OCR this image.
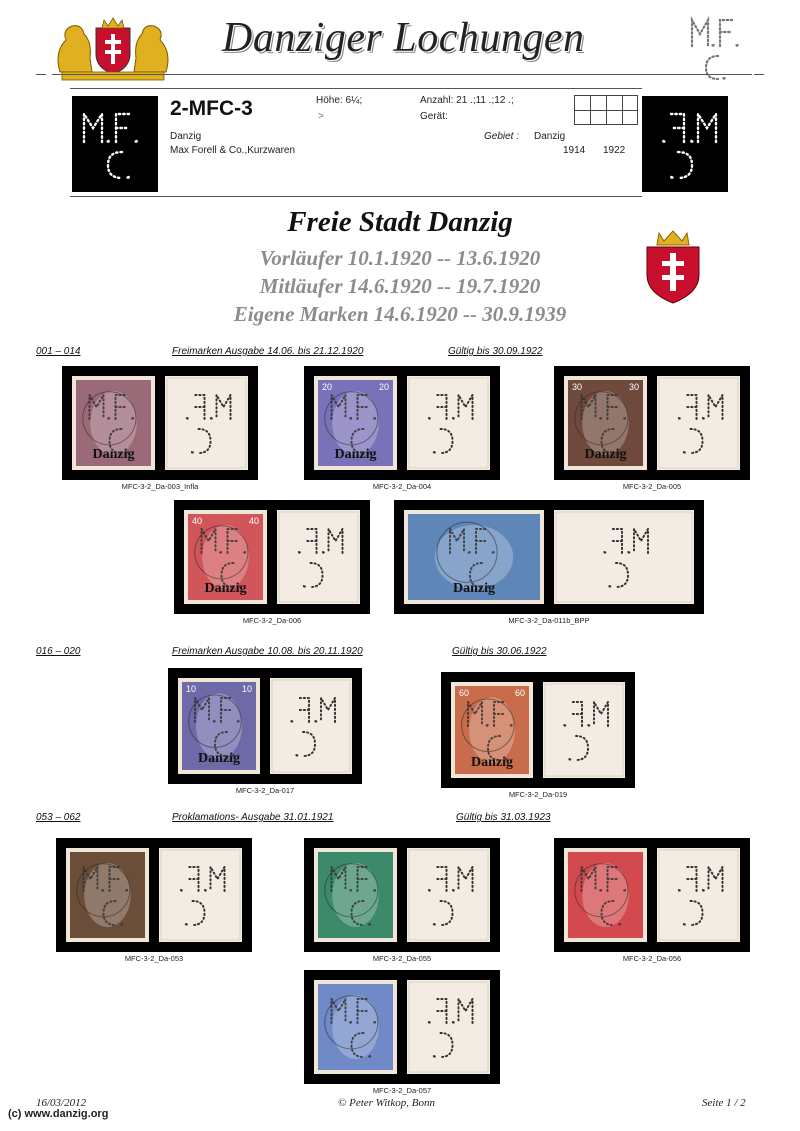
Danziger Lochungen
2-MFC-3	Höhe: 6¼;	Anzahl: 21 .;11 .;12 .;
>	Gerät:
Danzig
Max Forell & Co.,Kurzwaren
Gebiet : Danzig
1914 1922
Freie Stadt Danzig
Vorläufer 10.1.1920 -- 13.6.1920
Mitläufer 14.6.1920 -- 19.7.1920
Eigene Marken 14.6.1920 -- 30.9.1939
001 – 014	Freimarken Ausgabe 14.06. bis 21.12.1920	Gültig bis 30.09.1922
016 – 020	Freimarken Ausgabe 10.08. bis 20.11.1920	Gültig bis 30.06.1922
053 – 062	Proklamations- Ausgabe 31.01.1921	Gültig bis 31.03.1923
Danzig
MFC-3-2_Da-003_Infla
20
20
Danzig
MFC-3-2_Da-004
30
30
Danzig
MFC-3-2_Da-005
40
40
Danzig
MFC-3-2_Da-006
Danzig
MFC-3-2_Da-011b_BPP
10
10
Danzig
MFC-3-2_Da-017
60
60
Danzig
MFC-3-2_Da-019
MFC-3-2_Da-053	MFC-3-2_Da-055	MFC-3-2_Da-056
MFC-3-2_Da-057
16/03/2012	© Peter Witkop, Bonn	Seite 1 / 2
(c) www.danzig.org
